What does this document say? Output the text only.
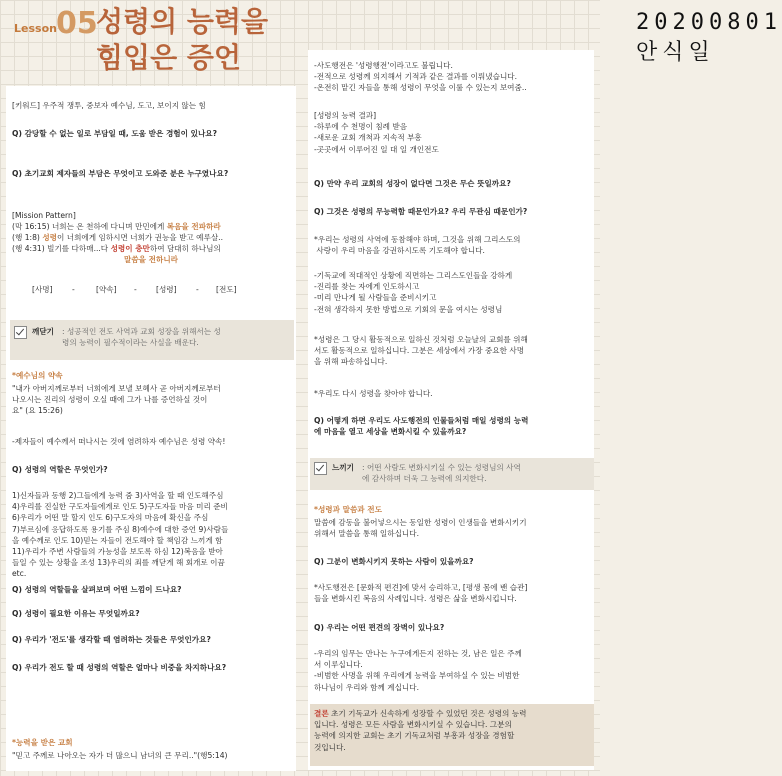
Lesson 05
성령의 능력을
힘입은 증언
[키워드] 우주적 쟁투, 중보자 예수님, 도고, 보이지 않는 힘
Q) 감당할 수 없는 일로 부담일 때, 도움 받은 경험이 있나요?
Q) 초기교회 제자들의 부담은 무엇이고 도와준 분은 누구였나요?
[Mission Pattern]
(막 16:15) 너희는 온 천하에 다니며 만민에게 복음을 전파하라
(행 1:8) 성령이 너희에게 임하시면 너희가 권능을 받고 예루살..
(행 4:31) 빌기를 다하매...다 성령이 충만하여 담대히 하나님의
말씀을 전하니라
[사명]	-	[약속] -	[성령]	- [전도]
깨닫기 : 성공적인 전도 사역과 교회 성장을 위해서는 성
령의 능력이 필수적이라는 사실을 배운다.
*예수님의 약속
"내가 아버지께로부터 너희에게 보낼 보혜사 곧 아버지께로부터
나오시는 진리의 성령이 오실 때에 그가 나를 증언하실 것이
요" (요 15:26)
-제자들이 예수께서 떠나시는 것에 염려하자 예수님은 성령 약속!
Q) 성령의 역할은 무엇인가?
1)신자들과 동행 2)그들에게 능력 줌 3)사역을 할 때 인도해주심
4)우리를 진실한 구도자들에게로 인도 5)구도자들 마음 미리 준비
6)우리가 어떤 말 할지 인도 6)구도자의 마음에 확신을 주심
7)부르심에 응답하도록 용기를 주심 8)예수에 대한 증언 9)사람들
을 예수께로 인도 10)믿는 자들이 전도해야 할 책임감 느끼게 함
11)우리가 주변 사람들의 가능성을 보도록 하심 12)복음을 받아
들일 수 있는 상황을 조성 13)우리의 죄를 깨닫게 해 회개로 이끔
etc.
Q) 성령의 역할들을 살펴보며 어떤 느낌이 드나요?
Q) 성령이 필요한 이유는 무엇일까요?
Q) 우리가 '전도'를 생각할 때 염려하는 것들은 무엇인가요?
Q) 우리가 전도 할 때 성령의 역할은 얼마나 비중을 차지하나요?
*능력을 받은 교회
"믿고 주께로 나아오는 자가 더 많으니 남녀의 큰 무리.."(행5:14)
20200801안식일
-사도행전은 '성령행전'이라고도 불립니다.
-전적으로 성령께 의지해서 기적과 같은 결과를 이뤄냈습니다.
-온전히 맡긴 자들을 통해 성령이 무엇을 이룰 수 있는지 보여줌..
[성령의 능력 결과]
-하루에 수 천명이 침례 받음
-새로운 교회 개척과 지속적 부흥
-곳곳에서 이루어진 일 대 일 개인전도
Q) 만약 우리 교회의 성장이 없다면 그것은 무슨 뜻일까요?
Q) 그것은 성령의 무능력함 때문인가요? 우리 무관심 때문인가?
*우리는 성령의 사역에 동참해야 하며, 그것을 위해 그리스도의
사랑이 우리 마음을 강권하시도록 기도해야 합니다.
-기독교에 적대적인 상황에 직면하는 그리스도인들을 강하게
-진리를 찾는 자에게 인도하시고
-미리 만나게 될 사람들을 준비시키고
-전혀 생각하지 못한 방법으로 기회의 문을 여시는 성령님
*성령은 그 당시 활동적으로 일하신 것처럼 오늘날의 교회를 위해
서도 활동적으로 일하십니다. 그분은 세상에서 가장 중요한 사명
을 위해 파송하십니다.
*우리도 다시 성령을 찾아야 합니다.
Q) 어떻게 하면 우리도 사도행전의 인물들처럼 매일 성령의 능력
에 마음을 열고 세상을 변화시킬 수 있을까요?
느끼기 : 어떤 사람도 변화시키실 수 있는 성령님의 사역
에 감사하며 더욱 그 능력에 의지한다.
*성령과 말씀과 전도
말씀에 감동을 불어넣으시는 동일한 성령이 인생들을 변화시키기
위해서 말씀을 통해 일하십니다.
Q) 그분이 변화시키지 못하는 사람이 있을까요?
*사도행전은 [문화적 편견]에 맞서 승리하고, [평생 몸에 밴 습관]
들을 변화시킨 복음의 사례입니다. 성령은 삶을 변화시킵니다.
Q) 우리는 어떤 편견의 장벽이 있나요?
-우리의 임무는 만나는 누구에게든지 전하는 것, 남은 일은 주께
서 이루십니다.
-비범한 사명을 위해 우리에게 능력을 부여하실 수 있는 비범한
하나님이 우리와 함께 계십니다.
결론 초기 기독교가 신속하게 성장할 수 있었던 것은 성령의 능력
입니다. 성령은 모든 사람을 변화시키실 수 있습니다. 그분의
능력에 의지한 교회는 초기 기독교처럼 부흥과 성장을 경험할
것입니다.
